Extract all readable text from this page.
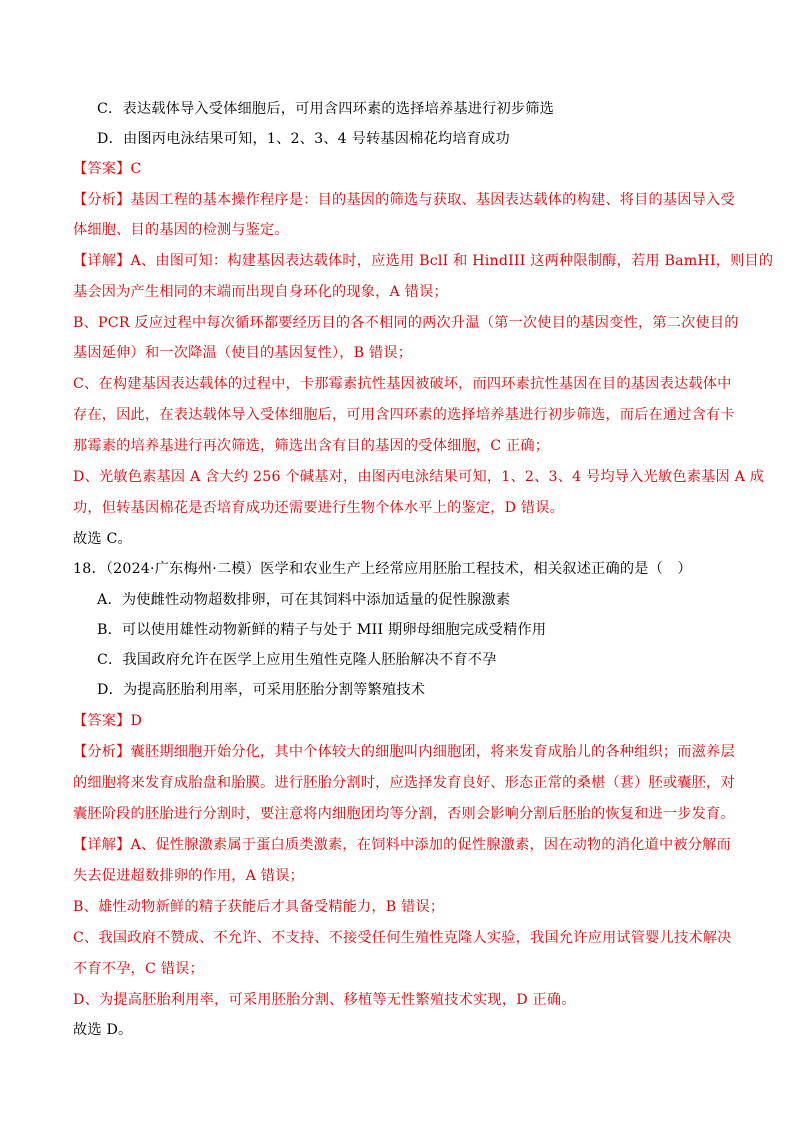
C．表达载体导入受体细胞后，可用含四环素的选择培养基进行初步筛选
D．由图丙电泳结果可知，1、2、3、4 号转基因棉花均培育成功
【答案】C
【分析】基因工程的基本操作程序是：目的基因的筛选与获取、基因表达载体的构建、将目的基因导入受
体细胞、目的基因的检测与鉴定。
【详解】A、由图可知：构建基因表达载体时，应选用 BclI 和 HindIII 这两种限制酶，若用 BamHI，则目的
基会因为产生相同的末端而出现自身环化的现象，A 错误；
B、PCR 反应过程中每次循环都要经历目的各不相同的两次升温（第一次使目的基因变性，第二次使目的
基因延伸）和一次降温（使目的基因复性），B 错误；
C、在构建基因表达载体的过程中，卡那霉素抗性基因被破坏，而四环素抗性基因在目的基因表达载体中
存在，因此，在表达载体导入受体细胞后，可用含四环素的选择培养基进行初步筛选，而后在通过含有卡
那霉素的培养基进行再次筛选，筛选出含有目的基因的受体细胞，C 正确；
D、光敏色素基因 A 含大约 256 个碱基对，由图丙电泳结果可知，1、2、3、4 号均导入光敏色素基因 A 成
功，但转基因棉花是否培育成功还需要进行生物个体水平上的鉴定，D 错误。
故选 C。
18．（2024·广东梅州·二模）医学和农业生产上经常应用胚胎工程技术，相关叙述正确的是（　）
A．为使雌性动物超数排卵，可在其饲料中添加适量的促性腺激素
B．可以使用雄性动物新鲜的精子与处于 MII 期卵母细胞完成受精作用
C．我国政府允许在医学上应用生殖性克隆人胚胎解决不育不孕
D．为提高胚胎利用率，可采用胚胎分割等繁殖技术
【答案】D
【分析】囊胚期细胞开始分化，其中个体较大的细胞叫内细胞团，将来发育成胎儿的各种组织；而滋养层
的细胞将来发育成胎盘和胎膜。进行胚胎分割时，应选择发育良好、形态正常的桑椹（葚）胚或囊胚，对
囊胚阶段的胚胎进行分割时，要注意将内细胞团均等分割，否则会影响分割后胚胎的恢复和进一步发育。
【详解】A、促性腺激素属于蛋白质类激素，在饲料中添加的促性腺激素，因在动物的消化道中被分解而
失去促进超数排卵的作用，A 错误；
B、雄性动物新鲜的精子获能后才具备受精能力，B 错误；
C、我国政府不赞成、不允许、不支持、不接受任何生殖性克隆人实验，我国允许应用试管婴儿技术解决
不育不孕，C 错误；
D、为提高胚胎利用率，可采用胚胎分割、移植等无性繁殖技术实现，D 正确。
故选 D。
